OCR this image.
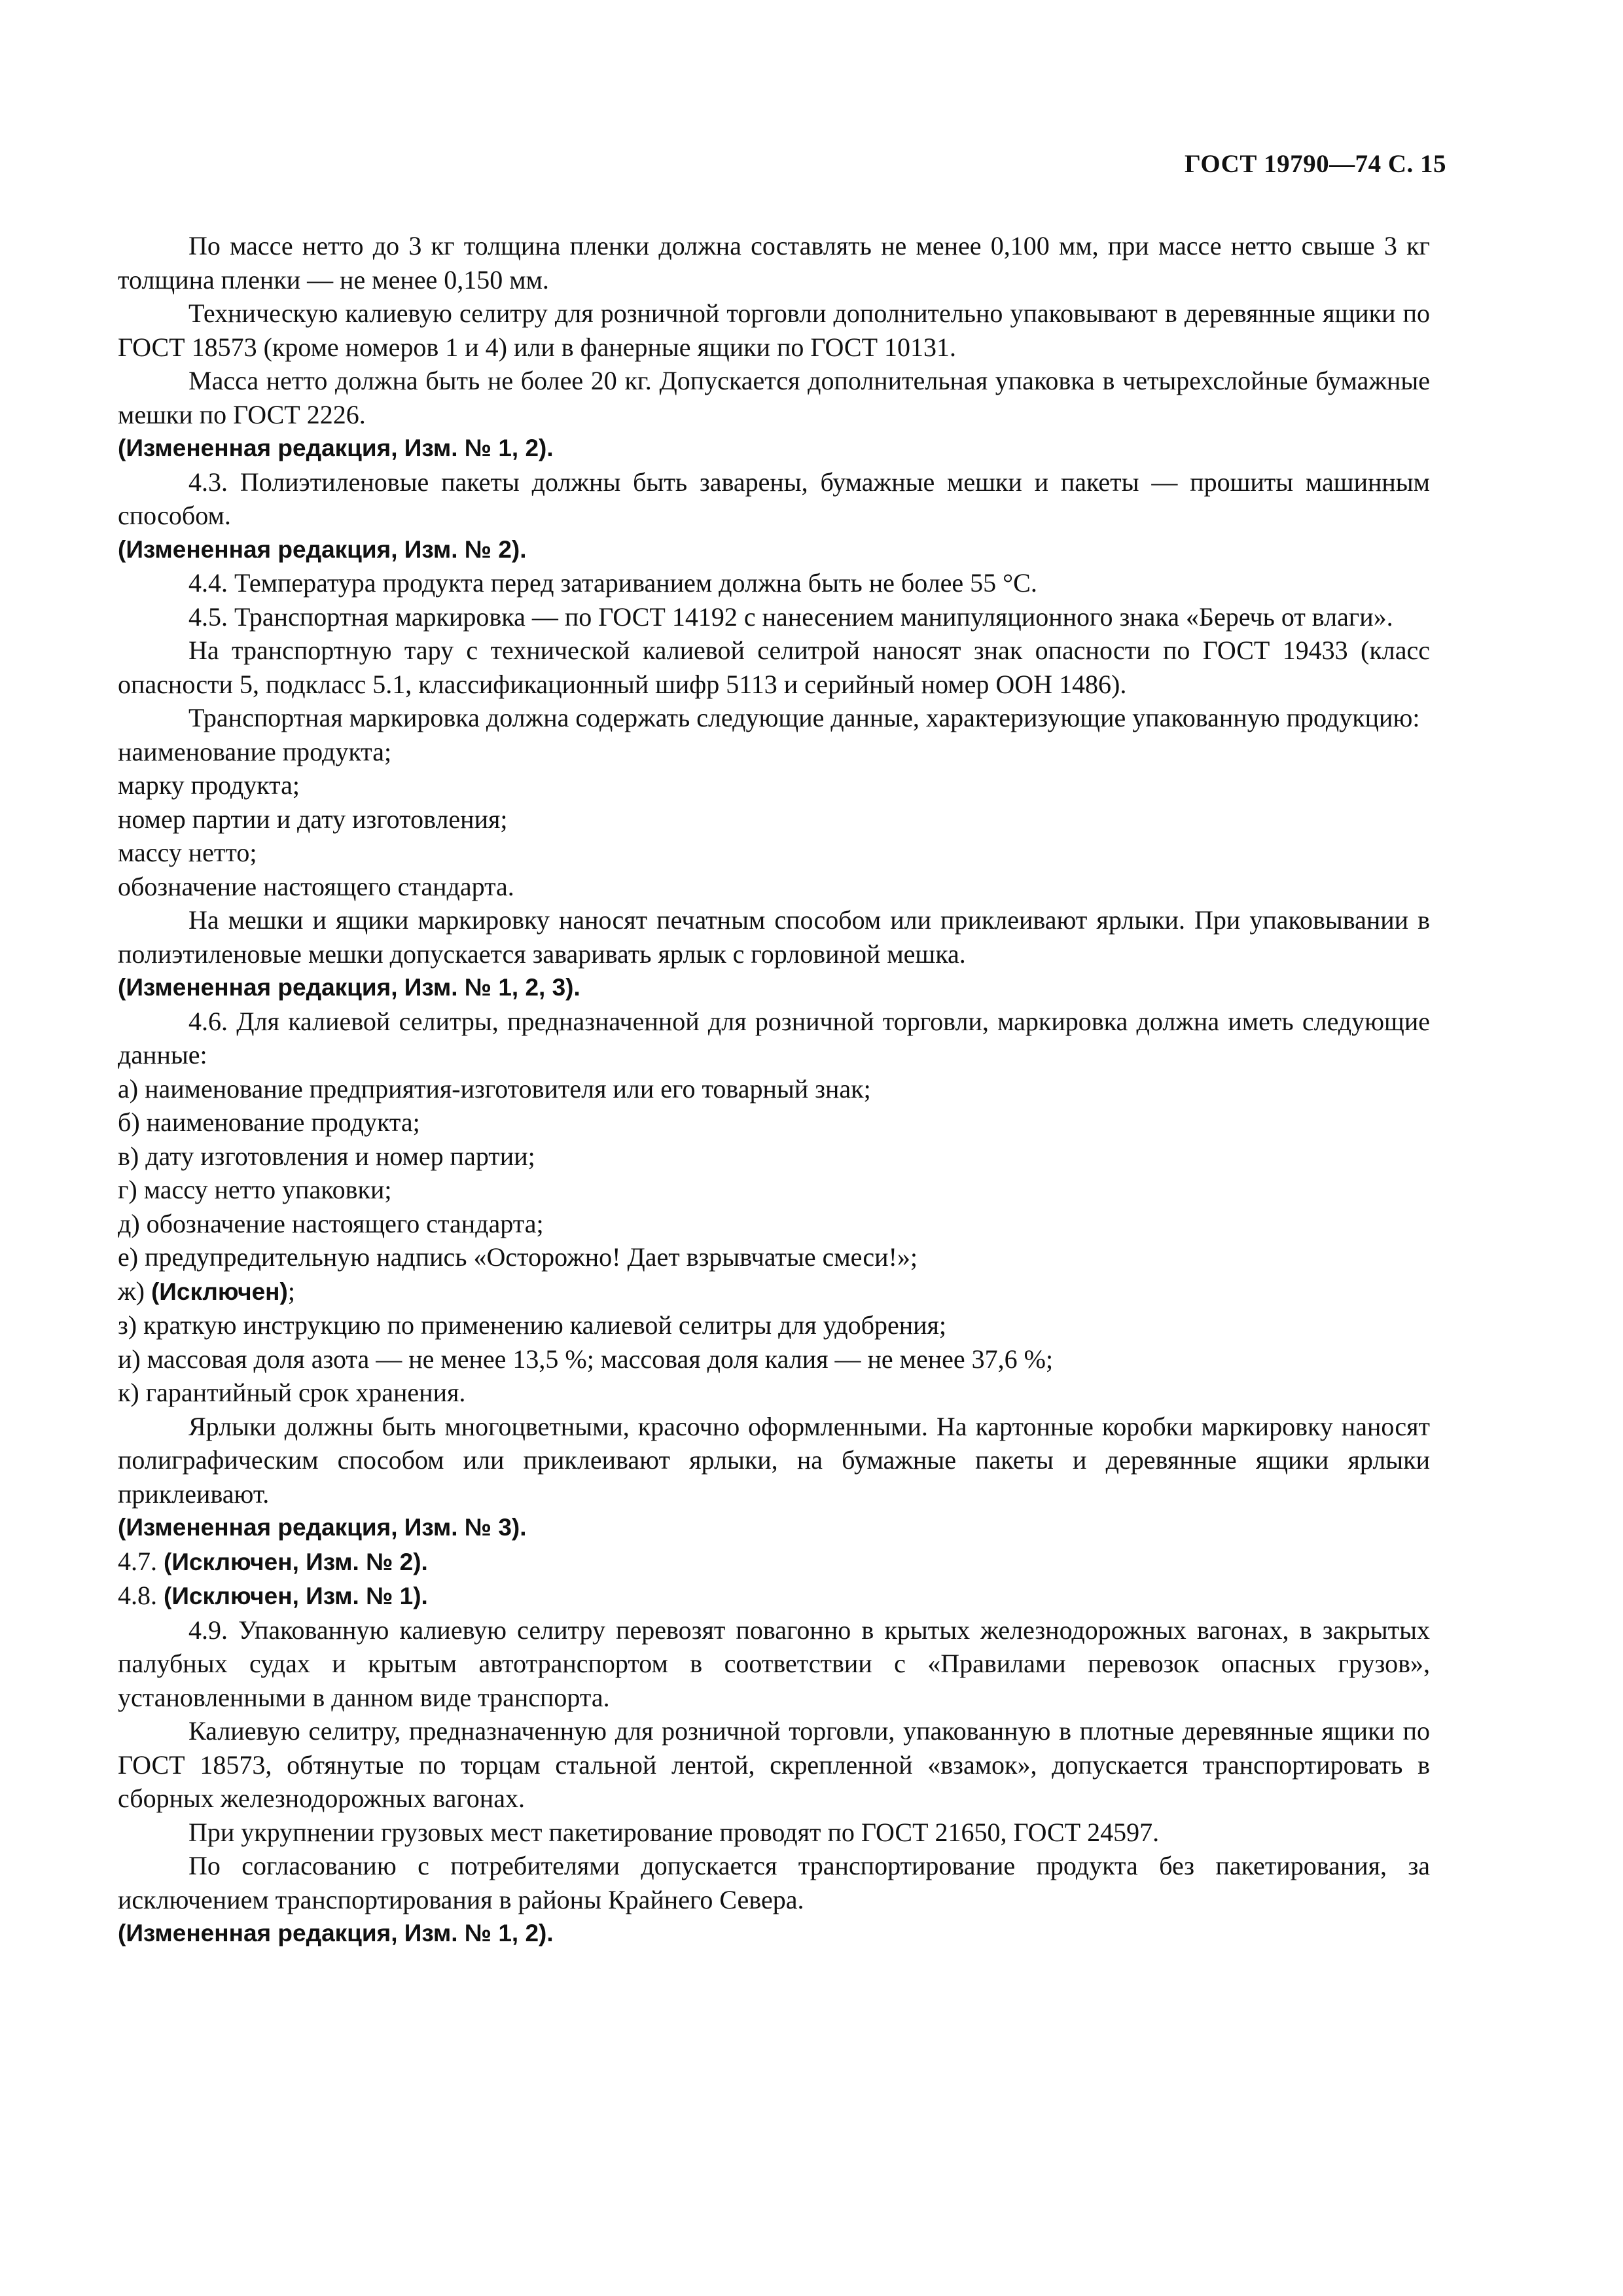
ГОСТ 19790—74 С. 15

По массе нетто до 3 кг толщина пленки должна составлять не менее 0,100 мм, при массе нетто свыше 3 кг толщина пленки — не менее 0,150 мм.

Техническую калиевую селитру для розничной торговли дополнительно упаковывают в деревянные ящики по ГОСТ 18573 (кроме номеров 1 и 4) или в фанерные ящики по ГОСТ 10131.

Масса нетто должна быть не более 20 кг. Допускается дополнительная упаковка в четырехслойные бумажные мешки по ГОСТ 2226.

(Измененная редакция, Изм. № 1, 2).

4.3. Полиэтиленовые пакеты должны быть заварены, бумажные мешки и пакеты — прошиты машинным способом.

(Измененная редакция, Изм. № 2).

4.4. Температура продукта перед затариванием должна быть не более 55 °С.

4.5. Транспортная маркировка — по ГОСТ 14192 с нанесением манипуляционного знака «Беречь от влаги».

На транспортную тару с технической калиевой селитрой наносят знак опасности по ГОСТ 19433 (класс опасности 5, подкласс 5.1, классификационный шифр 5113 и серийный номер ООН 1486).

Транспортная маркировка должна содержать следующие данные, характеризующие упакованную продукцию:

наименование продукта;

марку продукта;

номер партии и дату изготовления;

массу нетто;

обозначение настоящего стандарта.

На мешки и ящики маркировку наносят печатным способом или приклеивают ярлыки. При упаковывании в полиэтиленовые мешки допускается заваривать ярлык с горловиной мешка.

(Измененная редакция, Изм. № 1, 2, 3).

4.6. Для калиевой селитры, предназначенной для розничной торговли, маркировка должна иметь следующие данные:

а) наименование предприятия-изготовителя или его товарный знак;

б) наименование продукта;

в) дату изготовления и номер партии;

г) массу нетто упаковки;

д) обозначение настоящего стандарта;

е) предупредительную надпись «Осторожно! Дает взрывчатые смеси!»;

ж) (Исключен);

з) краткую инструкцию по применению калиевой селитры для удобрения;

и) массовая доля азота — не менее 13,5 %; массовая доля калия — не менее 37,6 %;

к) гарантийный срок хранения.

Ярлыки должны быть многоцветными, красочно оформленными. На картонные коробки маркировку наносят полиграфическим способом или приклеивают ярлыки, на бумажные пакеты и деревянные ящики ярлыки приклеивают.

(Измененная редакция, Изм. № 3).

4.7. (Исключен, Изм. № 2).

4.8. (Исключен, Изм. № 1).

4.9. Упакованную калиевую селитру перевозят повагонно в крытых железнодорожных вагонах, в закрытых палубных судах и крытым автотранспортом в соответствии с «Правилами перевозок опасных грузов», установленными в данном виде транспорта.

Калиевую селитру, предназначенную для розничной торговли, упакованную в плотные деревянные ящики по ГОСТ 18573, обтянутые по торцам стальной лентой, скрепленной «взамок», допускается транспортировать в сборных железнодорожных вагонах.

При укрупнении грузовых мест пакетирование проводят по ГОСТ 21650, ГОСТ 24597.

По согласованию с потребителями допускается транспортирование продукта без пакетирования, за исключением транспортирования в районы Крайнего Севера.

(Измененная редакция, Изм. № 1, 2).
